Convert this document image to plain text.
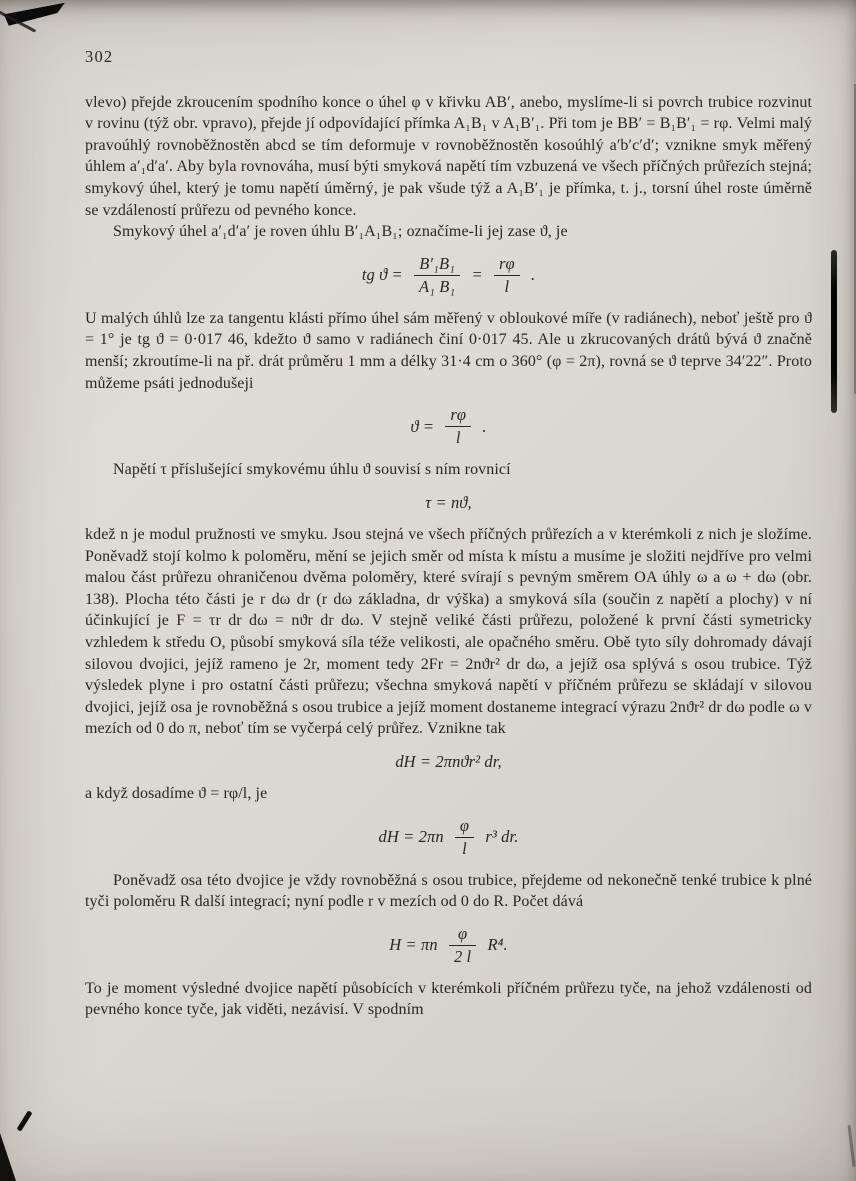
302

vlevo) přejde zkroucením spodního konce o úhel φ v křivku AB′, anebo, myslíme-li si povrch trubice rozvinut v rovinu (týž obr. vpravo), přejde jí odpovídající přímka A₁B₁ v A₁B′₁. Při tom je BB′ = B₁B′₁ = rφ. Velmi malý pravoúhlý rovnoběžnostěn abcd se tím deformuje v rovnoběžnostěn kosoúhlý a′b′c′d′; vznikne smyk měřený úhlem a′₁d′a′. Aby byla rovnováha, musí býti smyková napětí tím vzbuzená ve všech příčných průřezích stejná; smykový úhel, který je tomu napětí úměrný, je pak všude týž a A₁B′₁ je přímka, t. j., torsní úhel roste úměrně se vzdáleností průřezu od pevného konce.

Smykový úhel a′₁d′a′ je roven úhlu B′₁A₁B₁; označíme-li jej zase ϑ, je

tg $ϑ = \frac{\text{B′₁B₁}}{\text{A₁ B₁}} = \frac{r\varphi}{l}$ .

U malých úhlů lze za tangentu klásti přímo úhel sám měřený v obloukové míře (v radiánech), neboť ještě pro ϑ = 1° je tg ϑ = 0·017 46, kdežto ϑ samo v radiánech činí 0·017 45. Ale u zkrucovaných drátů bývá ϑ značně menší; zkroutíme-li na př. drát průměru 1 mm a délky 31·4 cm o 360° (φ = 2π), rovná se ϑ teprve 34′22″. Proto můžeme psáti jednodušeji

$ϑ = \frac{r\varphi}{l}$ .

Napětí τ příslušející smykovému úhlu ϑ souvisí s ním rovnicí

τ = nϑ,

kdež n je modul pružnosti ve smyku. Jsou stejná ve všech příčných průřezích a v kterémkoli z nich je složíme. Poněvadž stojí kolmo k poloměru, mění se jejich směr od místa k místu a musíme je složiti nejdříve pro velmi malou část průřezu ohraničenou dvěma poloměry, které svírají s pevným směrem OA úhly ω a ω + dω (obr. 138). Plocha této části je r dω dr (r dω základna, dr výška) a smyková síla (součin z napětí a plochy) v ní účinkující je F = τr dr dω = nϑr dr dω. V stejně veliké části průřezu, položené k první části symetricky vzhledem k středu O, působí smyková síla téže velikosti, ale opačného směru. Obě tyto síly dohromady dávají silovou dvojici, jejíž rameno je 2r, moment tedy 2Fr = 2nϑr² dr dω, a jejíž osa splývá s osou trubice. Týž výsledek plyne i pro ostatní části průřezu; všechna smyková napětí v příčném průřezu se skládají v silovou dvojici, jejíž osa je rovnoběžná s osou trubice a jejíž moment dostaneme integrací výrazu 2nϑr² dr dω podle ω v mezích od 0 do π, neboť tím se vyčerpá celý průřez. Vznikne tak

dH = 2πnϑr² dr,

a když dosadíme ϑ = rφ/l, je

dH = $2\pi n \frac{\varphi}{l} r^3$ dr.

Poněvadž osa této dvojice je vždy rovnoběžná s osou trubice, přejdeme od nekonečně tenké trubice k plné tyči poloměru R další integrací; nyní podle r v mezích od 0 do R. Počet dává

H = πn $\frac{\varphi}{2 l} R^4$.

To je moment výsledné dvojice napětí působících v kterémkoli příčném průřezu tyče, na jehož vzdálenosti od pevného konce tyče, jak viděti, nezávisí. V spodním
